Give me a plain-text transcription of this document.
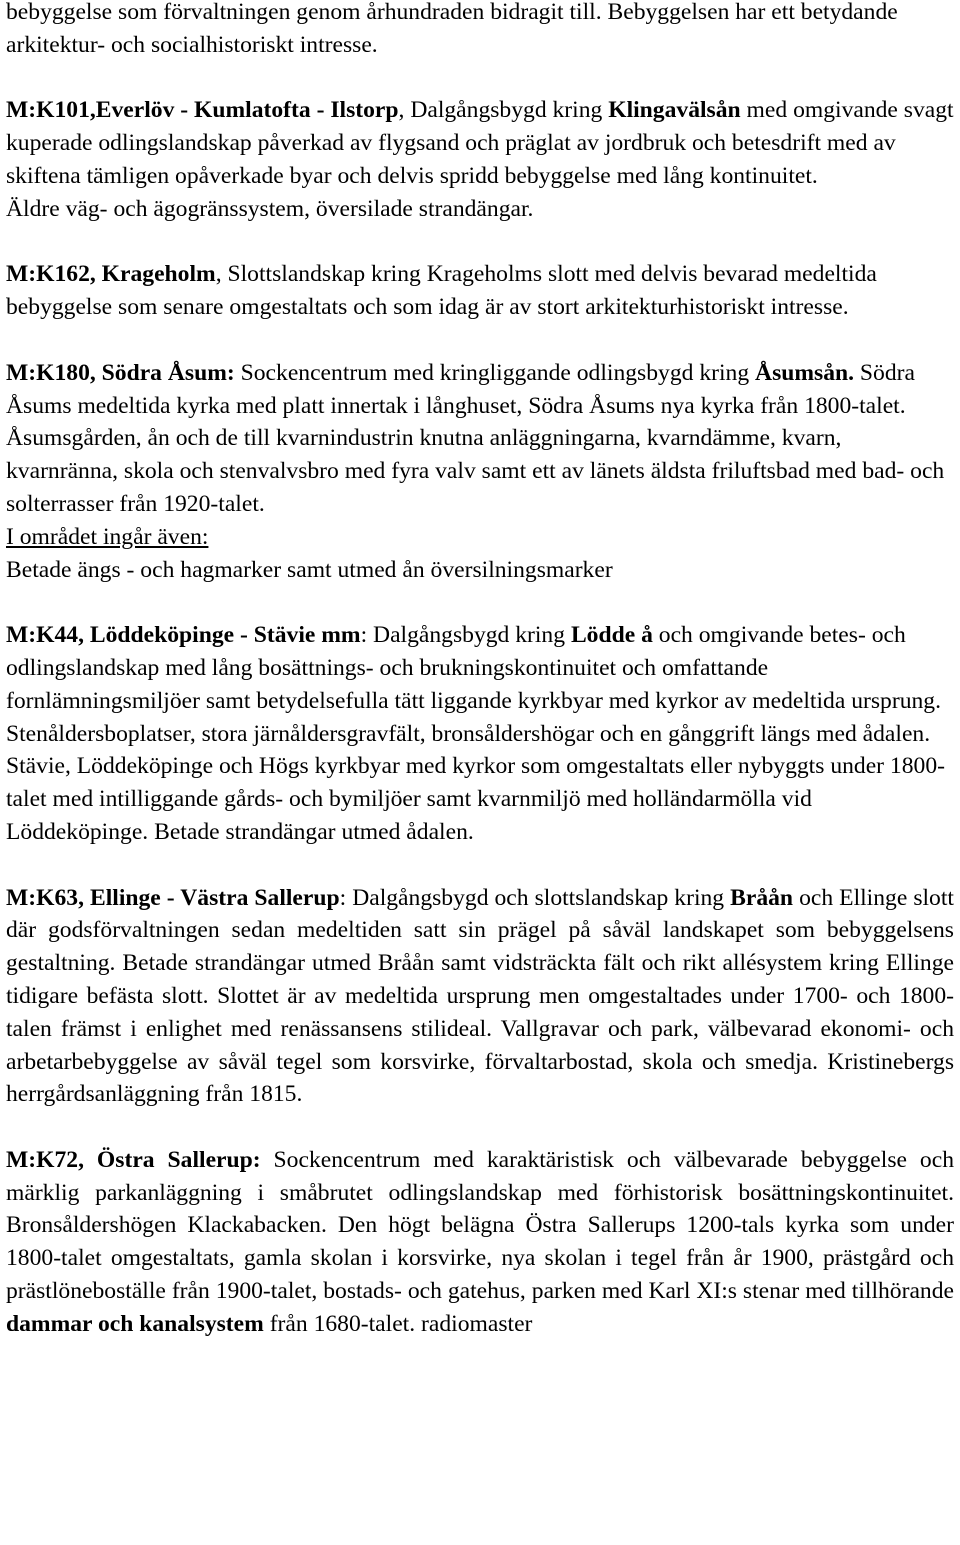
bebyggelse som förvaltningen genom århundraden bidragit till. Bebyggelsen har ett betydande arkitektur- och socialhistoriskt intresse.

M:K101,Everlöv - Kumlatofta - Ilstorp, Dalgångsbygd kring Klingavälsån med omgivande svagt kuperade odlingslandskap påverkad av flygsand och präglat av jordbruk och betesdrift med av skiftena tämligen opåverkade byar och delvis spridd bebyggelse med lång kontinuitet.

Äldre väg- och ägogränssystem, översilade strandängar.

M:K162, Krageholm, Slottslandskap kring Krageholms slott med delvis bevarad medeltida bebyggelse som senare omgestaltats och som idag är av stort arkitekturhistoriskt intresse.

M:K180, Södra Åsum: Sockencentrum med kringliggande odlingsbygd kring Åsumsån. Södra Åsums medeltida kyrka med platt innertak i långhuset, Södra Åsums nya kyrka från 1800-talet. Åsumsgården, ån och de till kvarnindustrin knutna anläggningarna, kvarndämme, kvarn, kvarnränna, skola och stenvalvsbro med fyra valv samt ett av länets äldsta friluftsbad med bad- och solterrasser från 1920-talet.

I området ingår även:

Betade ängs - och hagmarker samt utmed ån översilningsmarker

M:K44, Löddeköpinge - Stävie mm: Dalgångsbygd kring Lödde å och omgivande betes- och odlingslandskap med lång bosättnings- och brukningskontinuitet och omfattande fornlämningsmiljöer samt betydelsefulla tätt liggande kyrkbyar med kyrkor av medeltida ursprung. Stenåldersboplatser, stora järnåldersgravfält, bronsåldershögar och en gånggrift längs med ådalen. Stävie, Löddeköpinge och Högs kyrkbyar med kyrkor som omgestaltats eller nybyggts under 1800-talet med intilliggande gårds- och bymiljöer samt kvarnmiljö med holländarmölla vid Löddeköpinge. Betade strandängar utmed ådalen.

M:K63, Ellinge - Västra Sallerup: Dalgångsbygd och slottslandskap kring Bråån och Ellinge slott där godsförvaltningen sedan medeltiden satt sin prägel på såväl landskapet som bebyggelsens gestaltning. Betade strandängar utmed Bråån samt vidsträckta fält och rikt allésystem kring Ellinge tidigare befästa slott. Slottet är av medeltida ursprung men omgestaltades under 1700- och 1800-talen främst i enlighet med renässansens stilideal. Vallgravar och park, välbevarad ekonomi- och arbetarbebyggelse av såväl tegel som korsvirke, förvaltarbostad, skola och smedja. Kristinebergs herrgårdsanläggning från 1815.

M:K72, Östra Sallerup: Sockencentrum med karaktäristisk och välbevarade bebyggelse och märklig parkanläggning i småbrutet odlingslandskap med förhistorisk bosättningskontinuitet. Bronsåldershögen Klackabacken. Den högt belägna Östra Sallerups 1200-tals kyrka som under 1800-talet omgestaltats, gamla skolan i korsvirke, nya skolan i tegel från år 1900, prästgård och prästlöneboställe från 1900-talet, bostads- och gatehus, parken med Karl XI:s stenar med tillhörande dammar och kanalsystem från 1680-talet. radiomaster
